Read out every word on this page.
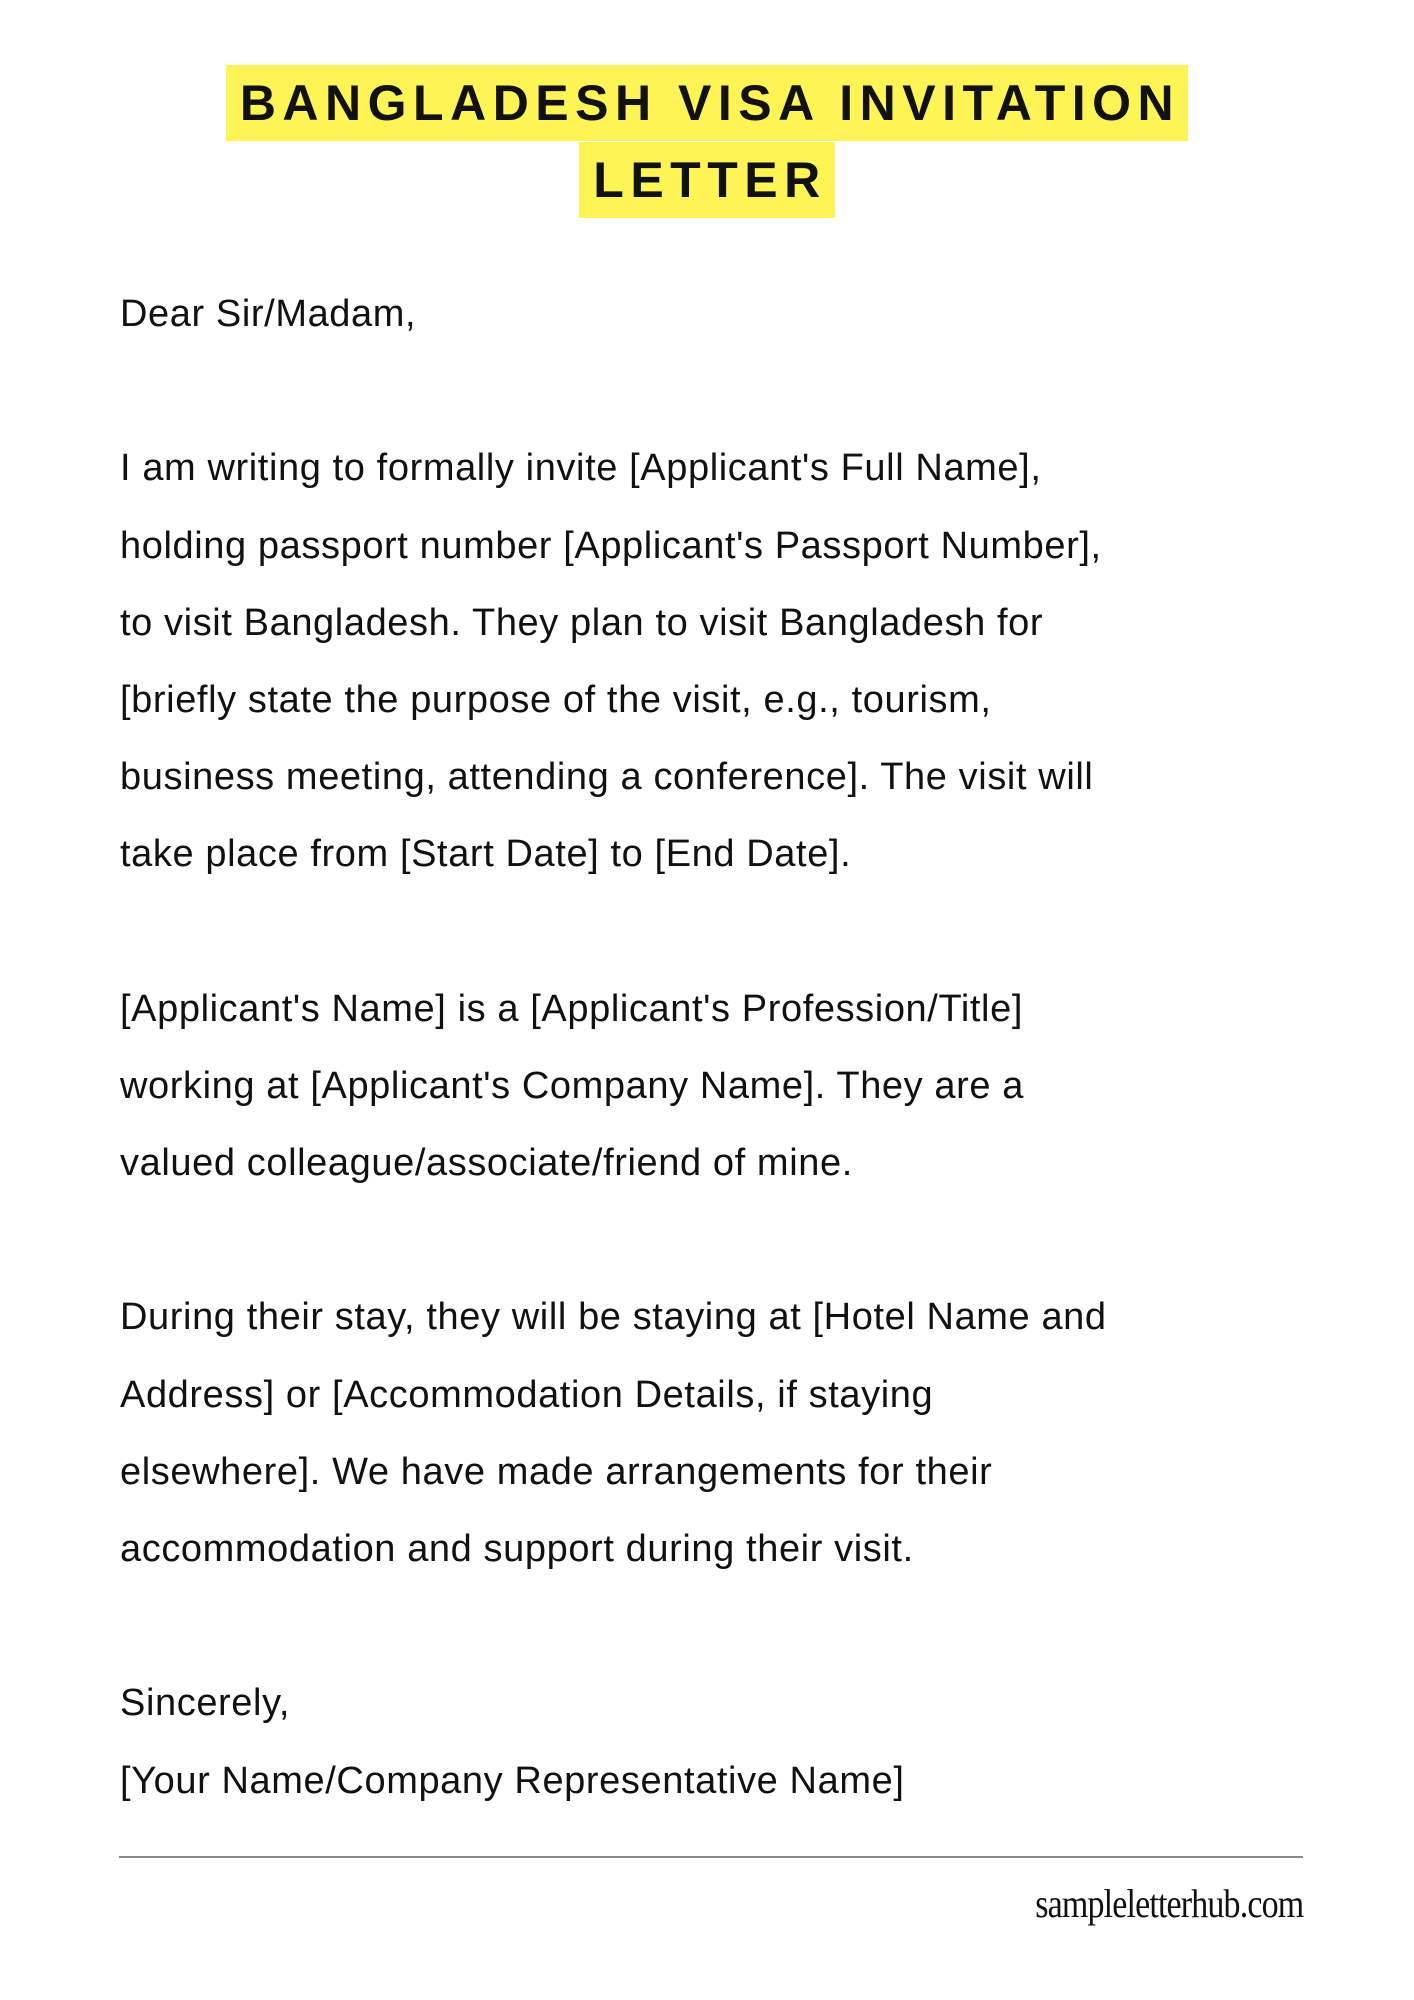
BANGLADESH VISA INVITATION
LETTER
Dear Sir/Madam,
I am writing to formally invite [Applicant's Full Name],
holding passport number [Applicant's Passport Number],
to visit Bangladesh. They plan to visit Bangladesh for
[briefly state the purpose of the visit, e.g., tourism,
business meeting, attending a conference]. The visit will
take place from [Start Date] to [End Date].
[Applicant's Name] is a [Applicant's Profession/Title]
working at [Applicant's Company Name]. They are a
valued colleague/associate/friend of mine.
During their stay, they will be staying at [Hotel Name and
Address] or [Accommodation Details, if staying
elsewhere]. We have made arrangements for their
accommodation and support during their visit.
Sincerely,
[Your Name/Company Representative Name]
sampleletterhub.com
